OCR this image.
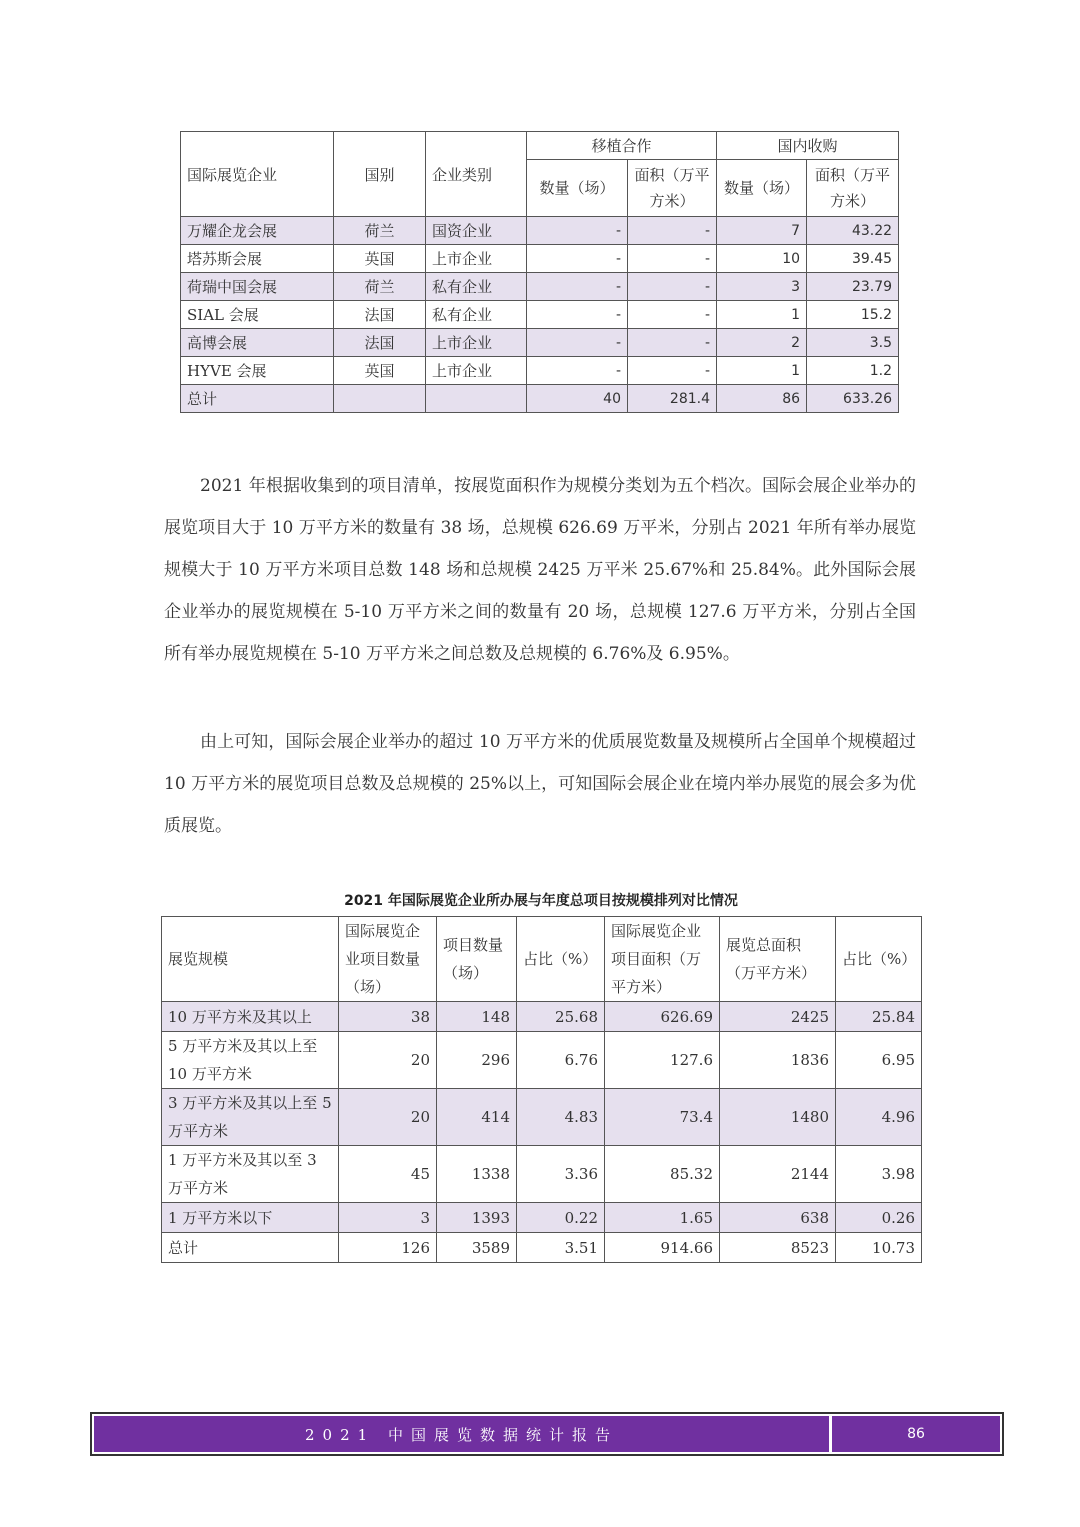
国际展览企业	国别	企业类别	移植合作		国内收购	
			数量（场）	面积（万平方米）	数量（场）	面积（万平方米）
万耀企龙会展	荷兰	国资企业	-	-	7	43.22
塔苏斯会展	英国	上市企业	-	-	10	39.45
荷瑞中国会展	荷兰	私有企业	-	-	3	23.79
SIAL 会展	法国	私有企业	-	-	1	15.2
高博会展	法国	上市企业	-	-	2	3.5
HYVE 会展	英国	上市企业	-	-	1	1.2
总计			40	281.4	86	633.26

2021 年根据收集到的项目清单，按展览面积作为规模分类划为五个档次。国际会展企业举办的展览项目大于 10 万平方米的数量有 38 场，总规模 626.69 万平米，分别占 2021 年所有举办展览规模大于 10 万平方米项目总数 148 场和总规模 2425 万平米 25.67%和 25.84%。此外国际会展企业举办的展览规模在 5-10 万平方米之间的数量有 20 场，总规模 127.6 万平方米，分别占全国所有举办展览规模在 5-10 万平方米之间总数及总规模的 6.76%及 6.95%。

由上可知，国际会展企业举办的超过 10 万平方米的优质展览数量及规模所占全国单个规模超过 10 万平方米的展览项目总数及总规模的 25%以上，可知国际会展企业在境内举办展览的展会多为优质展览。

2021 年国际展览企业所办展与年度总项目按规模排列对比情况
展览规模	国际展览企业项目数量（场）	项目数量（场）	占比（%）	国际展览企业项目面积（万平方米）	展览总面积（万平方米）	占比（%）
10 万平方米及其以上	38	148	25.68	626.69	2425	25.84
5 万平方米及其以上至 10 万平方米	20	296	6.76	127.6	1836	6.95
3 万平方米及其以上至 5 万平方米	20	414	4.83	73.4	1480	4.96
1 万平方米及其以至 3 万平方米	45	1338	3.36	85.32	2144	3.98
1 万平方米以下	3	1393	0.22	1.65	638	0.26
总计	126	3589	3.51	914.66	8523	10.73
2021 中国展览数据统计报告	86
